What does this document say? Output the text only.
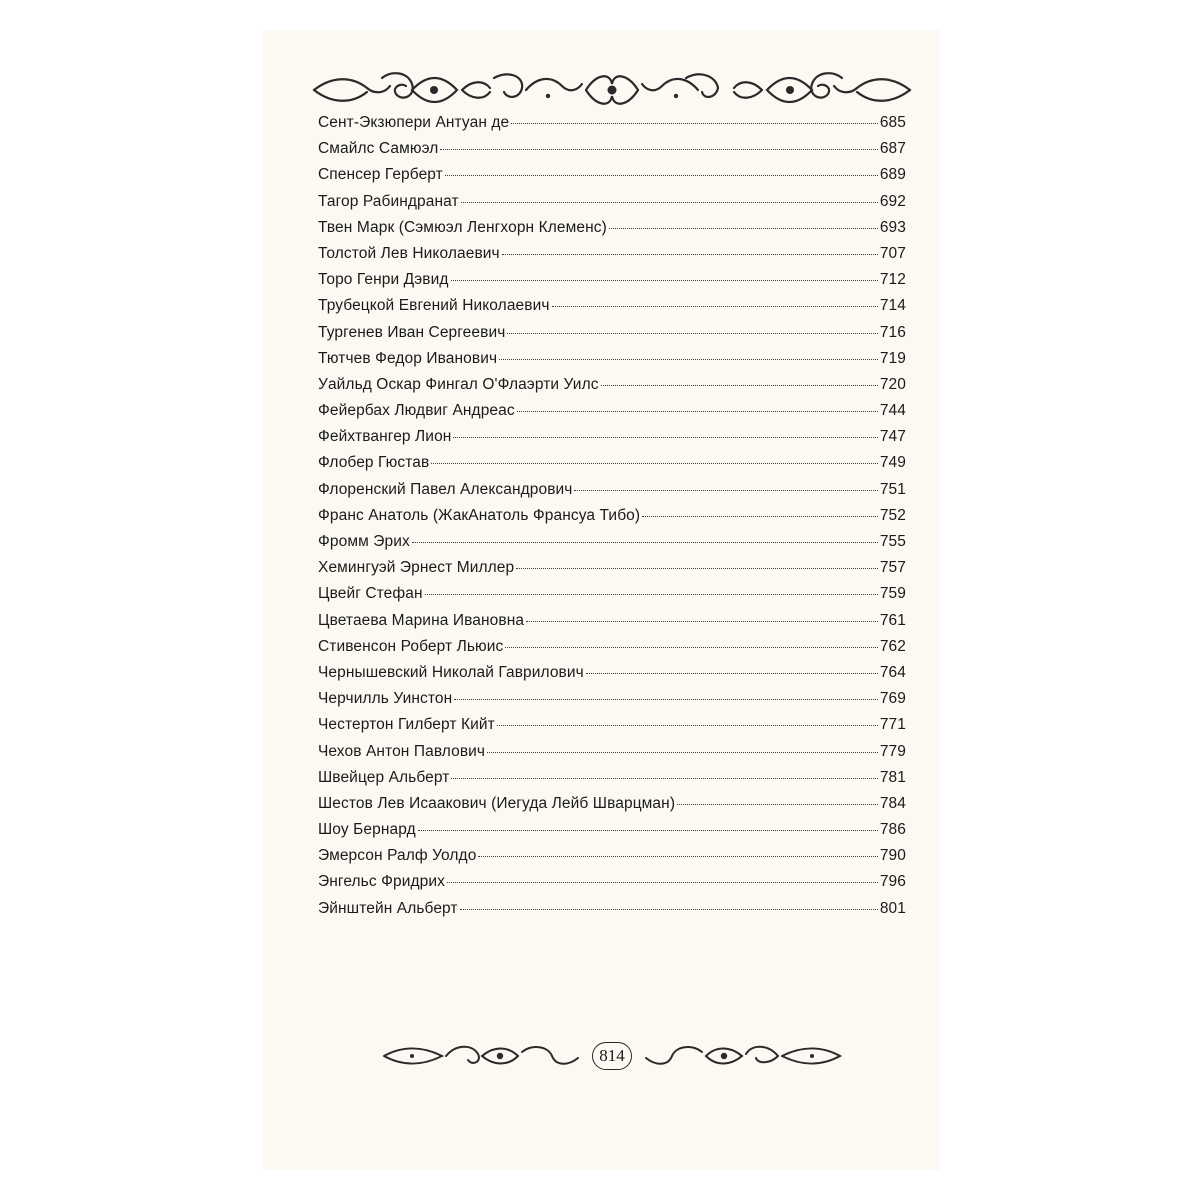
Сент-Экзюпери Антуан де	685
Смайлс Самюэл	687
Спенсер Герберт	689
Тагор Рабиндранат	692
Твен Марк (Сэмюэл Ленгхорн Клеменс)	693
Толстой Лев Николаевич	707
Торо Генри Дэвид	712
Трубецкой Евгений Николаевич	714
Тургенев Иван Сергеевич	716
Тютчев Федор Иванович	719
Уайльд Оскар Фингал О'Флаэрти Уилс	720
Фейербах Людвиг Андреас	744
Фейхтвангер Лион	747
Флобер Гюстав	749
Флоренский Павел Александрович	751
Франс Анатоль (ЖакАнатоль Франсуа Тибо)	752
Фромм Эрих	755
Хемингуэй Эрнест Миллер	757
Цвейг Стефан	759
Цветаева Марина Ивановна	761
Стивенсон Роберт Льюис	762
Чернышевский Николай Гаврилович	764
Черчилль Уинстон	769
Честертон Гилберт Кийт	771
Чехов Антон Павлович	779
Швейцер Альберт	781
Шестов Лев Исаакович (Иегуда Лейб Шварцман)	784
Шоу Бернард	786
Эмерсон Ралф Уолдо	790
Энгельс Фридрих	796
Эйнштейн Альберт	801
814
